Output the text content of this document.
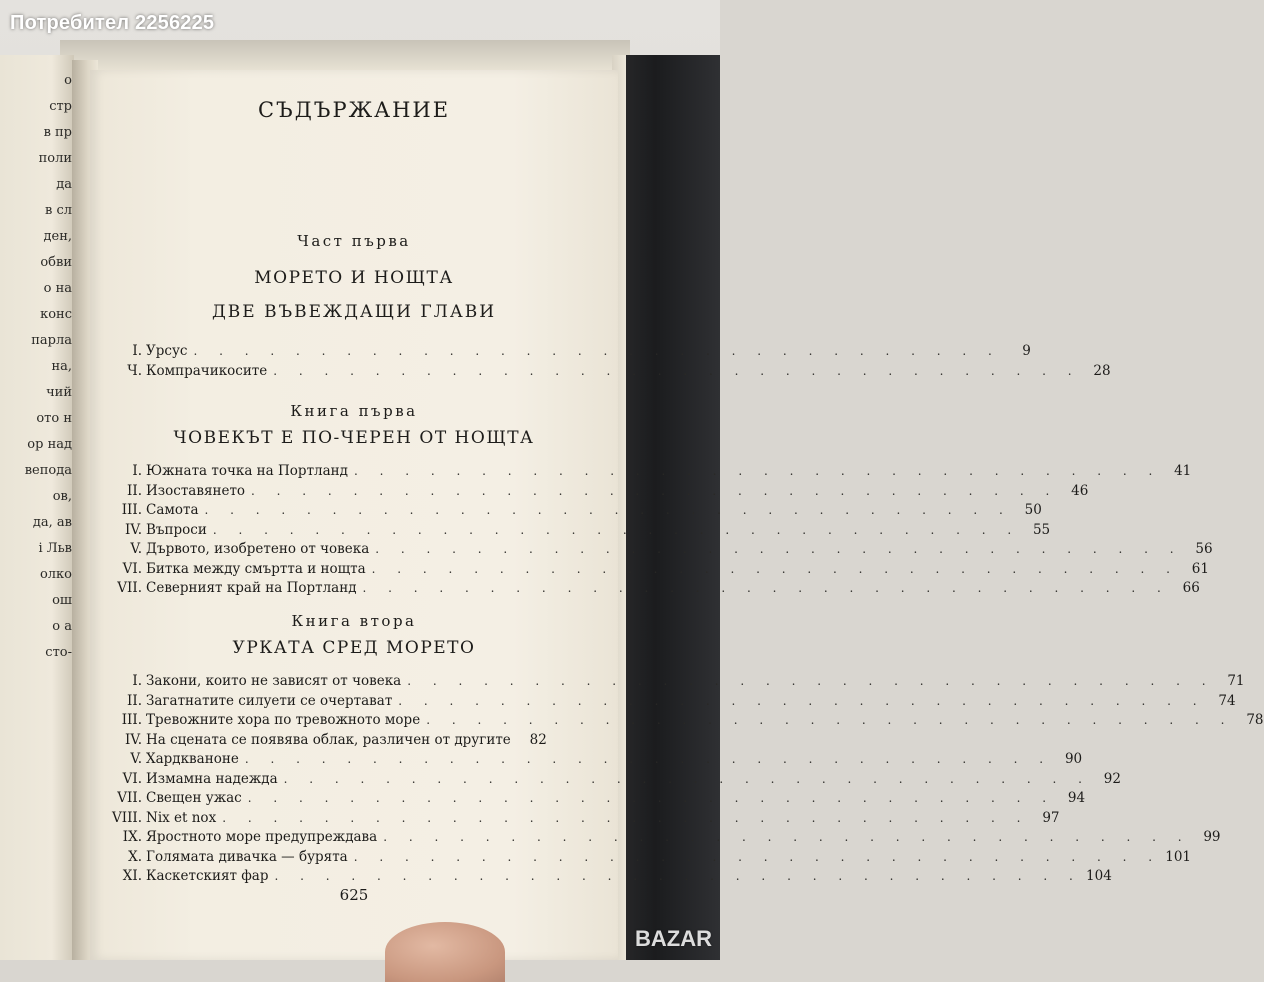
о
стр
в пр
поли
да
в сл
ден,
обви
о на
конс
парла
на,
чий
ото н
ор над
вепода
ов,
да, ав
і Льв
олко
ош
о а
сто-
СЪДЪРЖАНИЕ
Част първа
МОРЕТО И НОЩТА
ДВЕ ВЪВЕЖДАЩИ ГЛАВИ
I. Урсус . . . . . . . . . . . . . . . . . . . . . . . . . . . . . . . .	9
Ч. Компрачикосите . . . . . . . . . . . . . . . . . . . . . . . . . . . . . . . . 28
Книга първа
ЧОВЕКЪТ Е ПО-ЧЕРЕН ОТ НОЩТА
I. Южната точка на Портланд . . . . . . . . . . . . . . . . . . . . . . . . . . . . . . . . 41
II. Изоставянето . . . . . . . . . . . . . . . . . . . . . . . . . . . . . . . . 46
III. Самота . . . . . . . . . . . . . . . . . . . . . . . . . . . . . . . . 50
IV. Въпроси . . . . . . . . . . . . . . . . . . . . . . . . . . . . . . . . 55
V. Дървото, изобретено от човека . . . . . . . . . . . . . . . . . . . . . . . . . . . . . . . . 56
VI. Битка между смъртта и нощта . . . . . . . . . . . . . . . . . . . . . . . . . . . . . . . . 61
VII. Северният край на Портланд . . . . . . . . . . . . . . . . . . . . . . . . . . . . . . . . 66
Книга втора
УРКАТА СРЕД МОРЕТО
I. Закони, които не зависят от човека . . . . . . . . . . . . . . . . . . . . . . . . . . . . . . . . 71
II. Загатнатите силуети се очертават . . . . . . . . . . . . . . . . . . . . . . . . . . . . . . . . 74
III. Тревожните хора по тревожното море . . . . . . . . . . . . . . . . . . . . . . . . . . . . . . . . 78
IV. На сцената се появява облак, различен от другите	82
V. Хардкваноне . . . . . . . . . . . . . . . . . . . . . . . . . . . . . . . . 90
VI. Измамна надежда . . . . . . . . . . . . . . . . . . . . . . . . . . . . . . . . 92
VII. Свещен ужас . . . . . . . . . . . . . . . . . . . . . . . . . . . . . . . . 94
VIII. Nix et nox . . . . . . . . . . . . . . . . . . . . . . . . . . . . . . . . 97
IX. Яростното море предупреждава . . . . . . . . . . . . . . . . . . . . . . . . . . . . . . . . 99
X. Голямата дивачка — бурята . . . . . . . . . . . . . . . . . . . . . . . . . . . . . . . . 101
XI. Каскетският фар . . . . . . . . . . . . . . . . . . . . . . . . . . . . . . . . 104
625
Потребител 2256225
BAZAR
